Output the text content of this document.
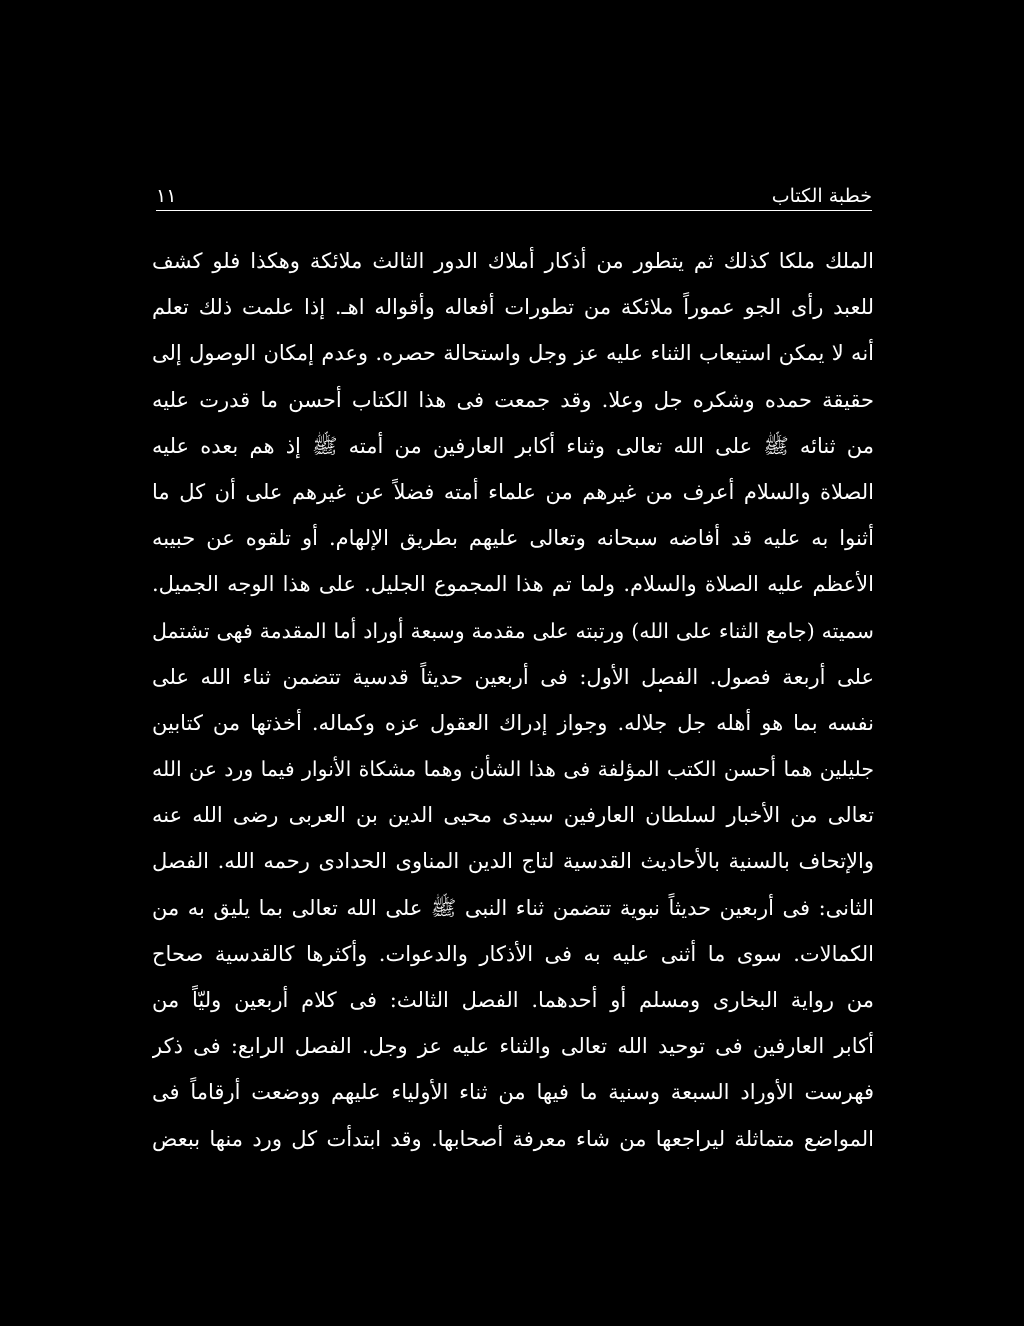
خطبة الكتاب
١١
الملك ملكا كذلك ثم يتطور من أذكار أملاك الدور الثالث ملائكة وهكذا فلو كشف
للعبد رأى الجو عموراً ملائكة من تطورات أفعاله وأقواله اهـ. إذا علمت ذلك تعلم
أنه لا يمكن استيعاب الثناء عليه عز وجل واستحالة حصره. وعدم إمكان الوصول إلى
حقيقة حمده وشكره جل وعلا. وقد جمعت فى هذا الكتاب أحسن ما قدرت عليه
من ثنائه ﷺ على الله تعالى وثناء أكابر العارفين من أمته ﷺ إذ هم بعده عليه
الصلاة والسلام أعرف من غيرهم من علماء أمته فضلاً عن غيرهم على أن كل ما
أثنوا به عليه قد أفاضه سبحانه وتعالى عليهم بطريق الإلهام. أو تلقوه عن حبيبه
الأعظم عليه الصلاة والسلام. ولما تم هذا المجموع الجليل. على هذا الوجه الجميل.
سميته (جامع الثناء على الله) ورتبته على مقدمة وسبعة أوراد أما المقدمة فهى تشتمل
على أربعة فصول. الفصل الأول: فى أربعين حديثاً قدسية تتضمن ثناء الله على
نفسه بما هو أهله جل جلاله. وجواز إدراك العقول عزه وكماله. أخذتها من كتابين
جليلين هما أحسن الكتب المؤلفة فى هذا الشأن وهما مشكاة الأنوار فيما ورد عن الله
تعالى من الأخبار لسلطان العارفين سيدى محيى الدين بن العربى رضى الله عنه
والإتحاف بالسنية بالأحاديث القدسية لتاج الدين المناوى الحدادى رحمه الله. الفصل
الثانى: فى أربعين حديثاً نبوية تتضمن ثناء النبى ﷺ على الله تعالى بما يليق به من
الكمالات. سوى ما أثنى عليه به فى الأذكار والدعوات. وأكثرها كالقدسية صحاح
من رواية البخارى ومسلم أو أحدهما. الفصل الثالث: فى كلام أربعين وليّاً من
أكابر العارفين فى توحيد الله تعالى والثناء عليه عز وجل. الفصل الرابع: فى ذكر
فهرست الأوراد السبعة وسنية ما فيها من ثناء الأولياء عليهم ووضعت أرقاماً فى
المواضع متماثلة ليراجعها من شاء معرفة أصحابها. وقد ابتدأت كل ورد منها ببعض
